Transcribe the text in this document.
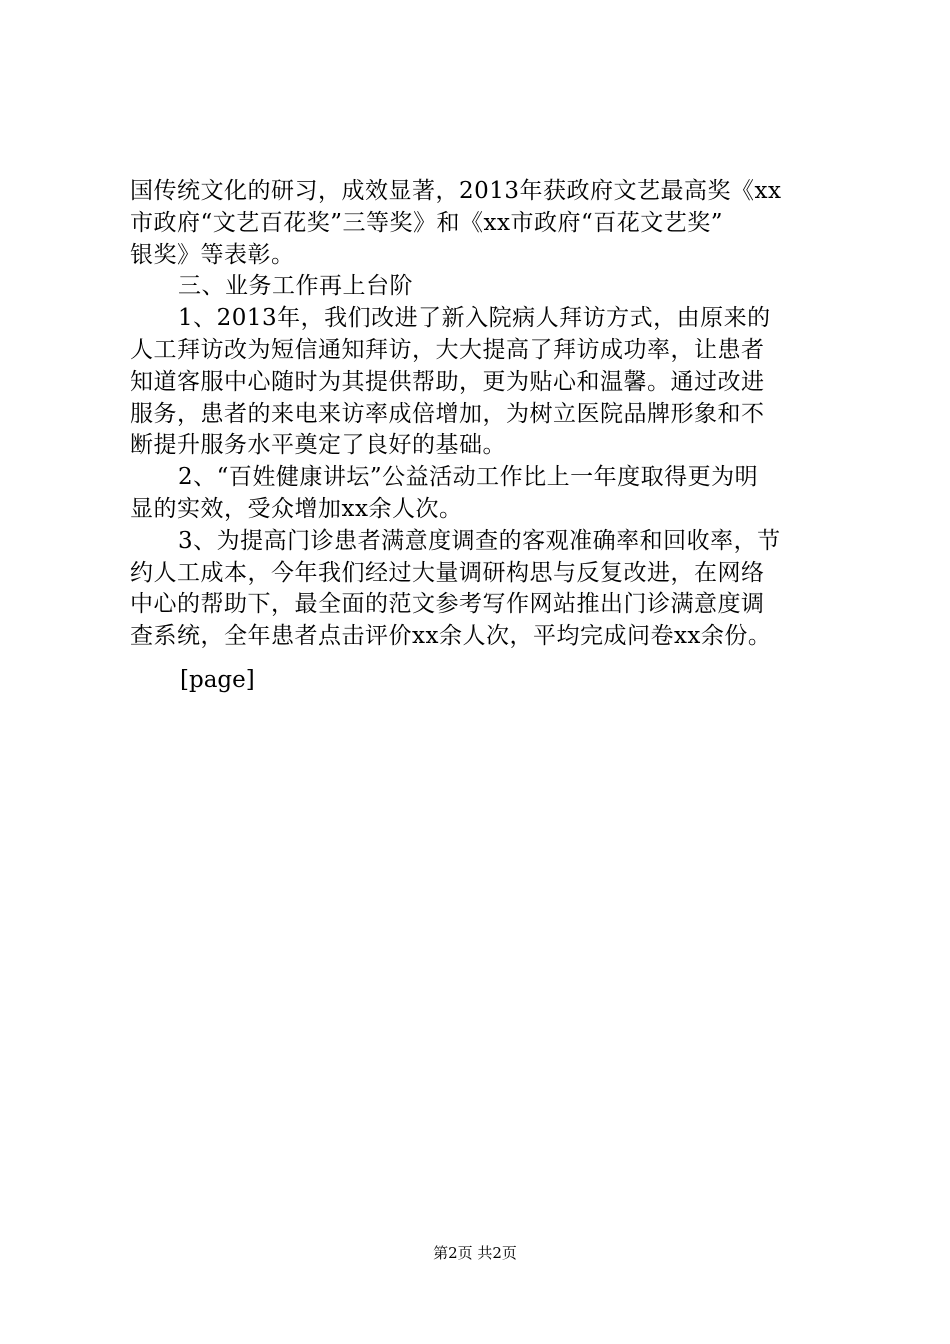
国传统文化的研习，成效显著，2013年获政府文艺最高奖《xx
市政府“文艺百花奖”三等奖》和《xx市政府“百花文艺奖”
银奖》等表彰。
三、业务工作再上台阶
1、2013年，我们改进了新入院病人拜访方式，由原来的
人工拜访改为短信通知拜访，大大提高了拜访成功率，让患者
知道客服中心随时为其提供帮助，更为贴心和温馨。通过改进
服务，患者的来电来访率成倍增加，为树立医院品牌形象和不
断提升服务水平奠定了良好的基础。
2、“百姓健康讲坛”公益活动工作比上一年度取得更为明
显的实效，受众增加xx余人次。
3、为提高门诊患者满意度调查的客观准确率和回收率，节
约人工成本，今年我们经过大量调研构思与反复改进，在网络
中心的帮助下，最全面的范文参考写作网站推出门诊满意度调
查系统，全年患者点击评价xx余人次，平均完成问卷xx余份。
[page]
第2页 共2页
